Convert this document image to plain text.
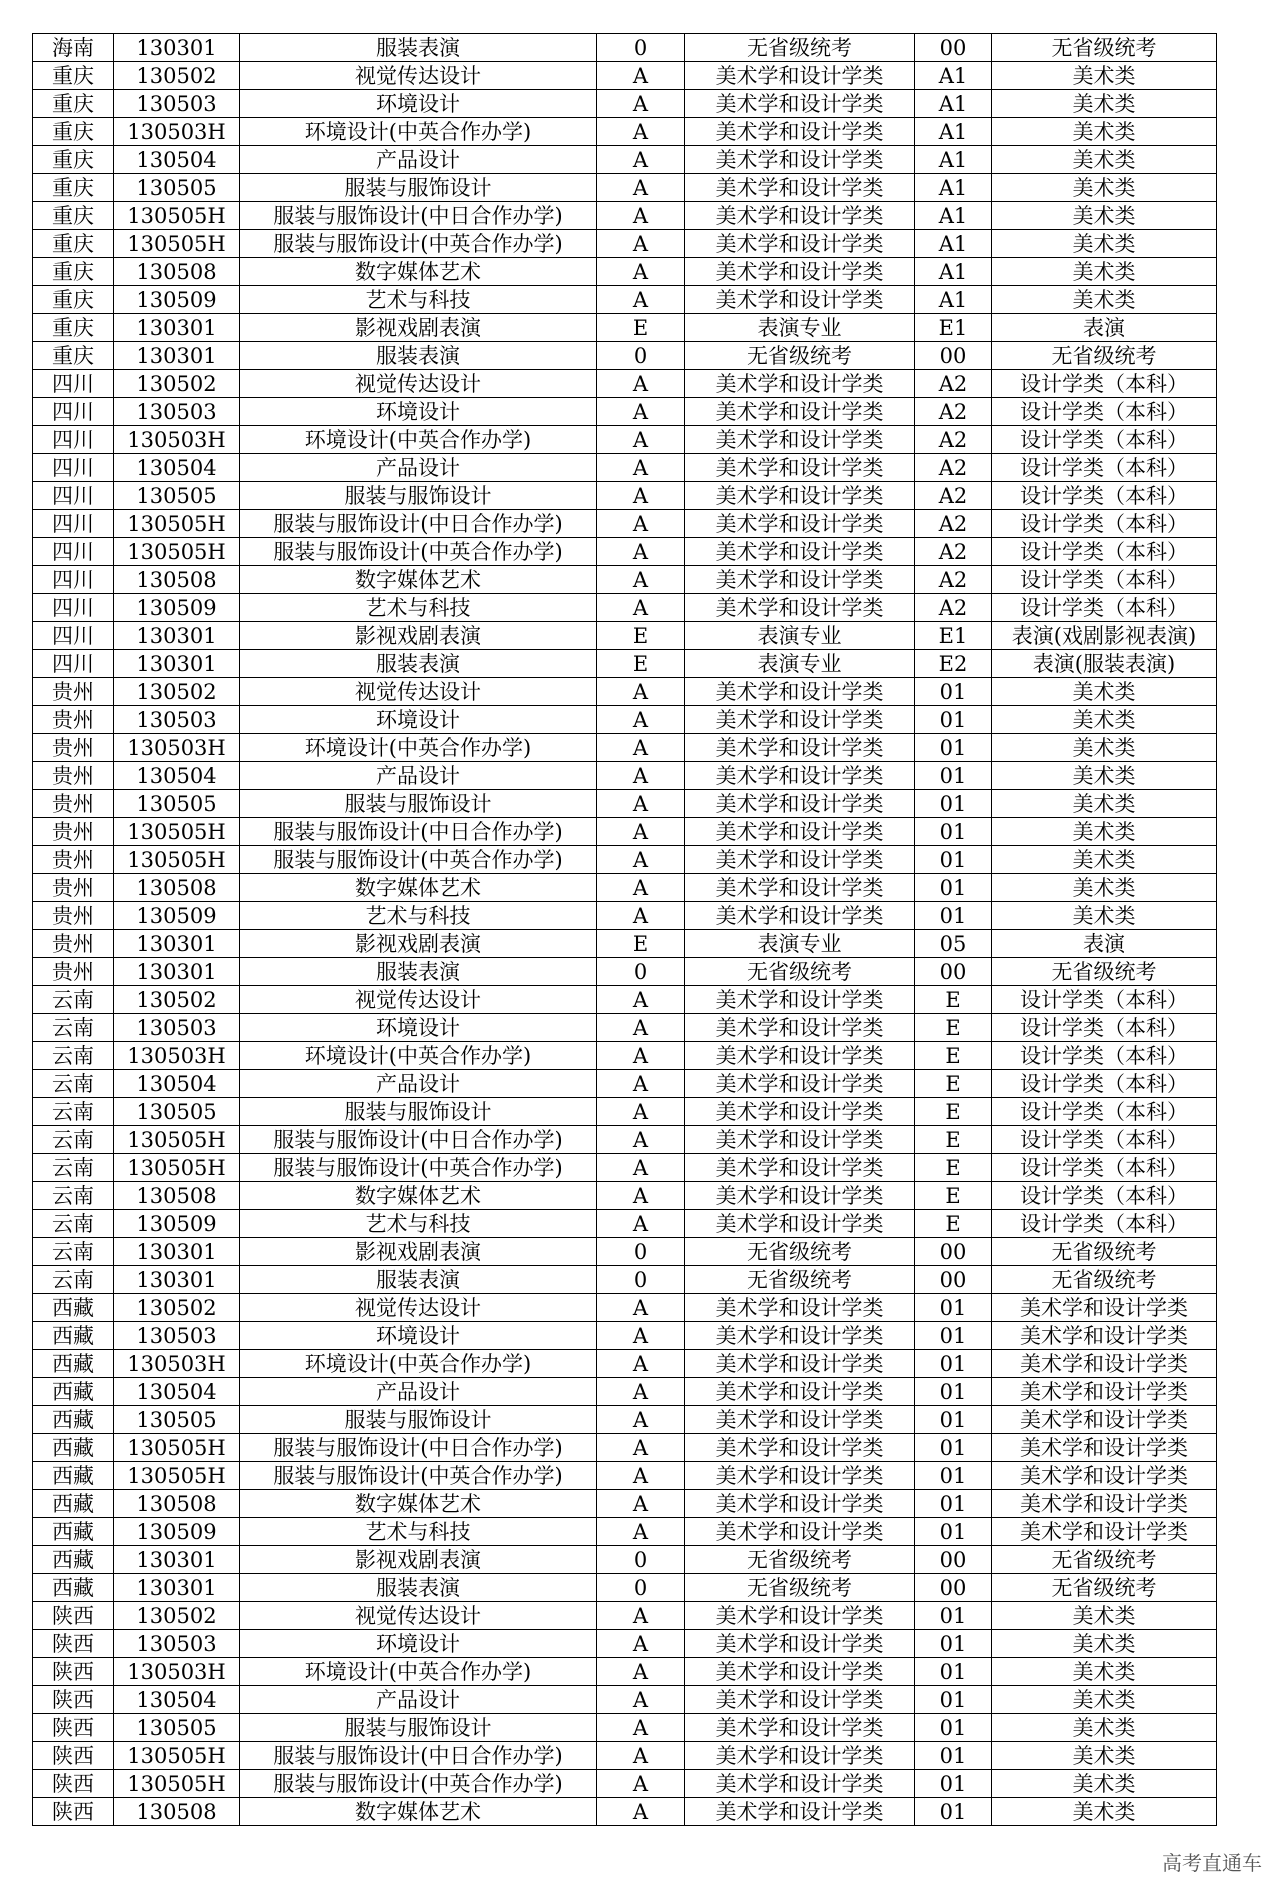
海南	130301	服装表演	0	无省级统考	00	无省级统考
重庆	130502	视觉传达设计	A	美术学和设计学类	A1	美术类
重庆	130503	环境设计	A	美术学和设计学类	A1	美术类
重庆	130503H	环境设计(中英合作办学)	A	美术学和设计学类	A1	美术类
重庆	130504	产品设计	A	美术学和设计学类	A1	美术类
重庆	130505	服装与服饰设计	A	美术学和设计学类	A1	美术类
重庆	130505H	服装与服饰设计(中日合作办学)	A	美术学和设计学类	A1	美术类
重庆	130505H	服装与服饰设计(中英合作办学)	A	美术学和设计学类	A1	美术类
重庆	130508	数字媒体艺术	A	美术学和设计学类	A1	美术类
重庆	130509	艺术与科技	A	美术学和设计学类	A1	美术类
重庆	130301	影视戏剧表演	E	表演专业	E1	表演
重庆	130301	服装表演	0	无省级统考	00	无省级统考
四川	130502	视觉传达设计	A	美术学和设计学类	A2	设计学类（本科）
四川	130503	环境设计	A	美术学和设计学类	A2	设计学类（本科）
四川	130503H	环境设计(中英合作办学)	A	美术学和设计学类	A2	设计学类（本科）
四川	130504	产品设计	A	美术学和设计学类	A2	设计学类（本科）
四川	130505	服装与服饰设计	A	美术学和设计学类	A2	设计学类（本科）
四川	130505H	服装与服饰设计(中日合作办学)	A	美术学和设计学类	A2	设计学类（本科）
四川	130505H	服装与服饰设计(中英合作办学)	A	美术学和设计学类	A2	设计学类（本科）
四川	130508	数字媒体艺术	A	美术学和设计学类	A2	设计学类（本科）
四川	130509	艺术与科技	A	美术学和设计学类	A2	设计学类（本科）
四川	130301	影视戏剧表演	E	表演专业	E1	表演(戏剧影视表演)
四川	130301	服装表演	E	表演专业	E2	表演(服装表演)
贵州	130502	视觉传达设计	A	美术学和设计学类	01	美术类
贵州	130503	环境设计	A	美术学和设计学类	01	美术类
贵州	130503H	环境设计(中英合作办学)	A	美术学和设计学类	01	美术类
贵州	130504	产品设计	A	美术学和设计学类	01	美术类
贵州	130505	服装与服饰设计	A	美术学和设计学类	01	美术类
贵州	130505H	服装与服饰设计(中日合作办学)	A	美术学和设计学类	01	美术类
贵州	130505H	服装与服饰设计(中英合作办学)	A	美术学和设计学类	01	美术类
贵州	130508	数字媒体艺术	A	美术学和设计学类	01	美术类
贵州	130509	艺术与科技	A	美术学和设计学类	01	美术类
贵州	130301	影视戏剧表演	E	表演专业	05	表演
贵州	130301	服装表演	0	无省级统考	00	无省级统考
云南	130502	视觉传达设计	A	美术学和设计学类	E	设计学类（本科）
云南	130503	环境设计	A	美术学和设计学类	E	设计学类（本科）
云南	130503H	环境设计(中英合作办学)	A	美术学和设计学类	E	设计学类（本科）
云南	130504	产品设计	A	美术学和设计学类	E	设计学类（本科）
云南	130505	服装与服饰设计	A	美术学和设计学类	E	设计学类（本科）
云南	130505H	服装与服饰设计(中日合作办学)	A	美术学和设计学类	E	设计学类（本科）
云南	130505H	服装与服饰设计(中英合作办学)	A	美术学和设计学类	E	设计学类（本科）
云南	130508	数字媒体艺术	A	美术学和设计学类	E	设计学类（本科）
云南	130509	艺术与科技	A	美术学和设计学类	E	设计学类（本科）
云南	130301	影视戏剧表演	0	无省级统考	00	无省级统考
云南	130301	服装表演	0	无省级统考	00	无省级统考
西藏	130502	视觉传达设计	A	美术学和设计学类	01	美术学和设计学类
西藏	130503	环境设计	A	美术学和设计学类	01	美术学和设计学类
西藏	130503H	环境设计(中英合作办学)	A	美术学和设计学类	01	美术学和设计学类
西藏	130504	产品设计	A	美术学和设计学类	01	美术学和设计学类
西藏	130505	服装与服饰设计	A	美术学和设计学类	01	美术学和设计学类
西藏	130505H	服装与服饰设计(中日合作办学)	A	美术学和设计学类	01	美术学和设计学类
西藏	130505H	服装与服饰设计(中英合作办学)	A	美术学和设计学类	01	美术学和设计学类
西藏	130508	数字媒体艺术	A	美术学和设计学类	01	美术学和设计学类
西藏	130509	艺术与科技	A	美术学和设计学类	01	美术学和设计学类
西藏	130301	影视戏剧表演	0	无省级统考	00	无省级统考
西藏	130301	服装表演	0	无省级统考	00	无省级统考
陕西	130502	视觉传达设计	A	美术学和设计学类	01	美术类
陕西	130503	环境设计	A	美术学和设计学类	01	美术类
陕西	130503H	环境设计(中英合作办学)	A	美术学和设计学类	01	美术类
陕西	130504	产品设计	A	美术学和设计学类	01	美术类
陕西	130505	服装与服饰设计	A	美术学和设计学类	01	美术类
陕西	130505H	服装与服饰设计(中日合作办学)	A	美术学和设计学类	01	美术类
陕西	130505H	服装与服饰设计(中英合作办学)	A	美术学和设计学类	01	美术类
陕西	130508	数字媒体艺术	A	美术学和设计学类	01	美术类
高考直通车
